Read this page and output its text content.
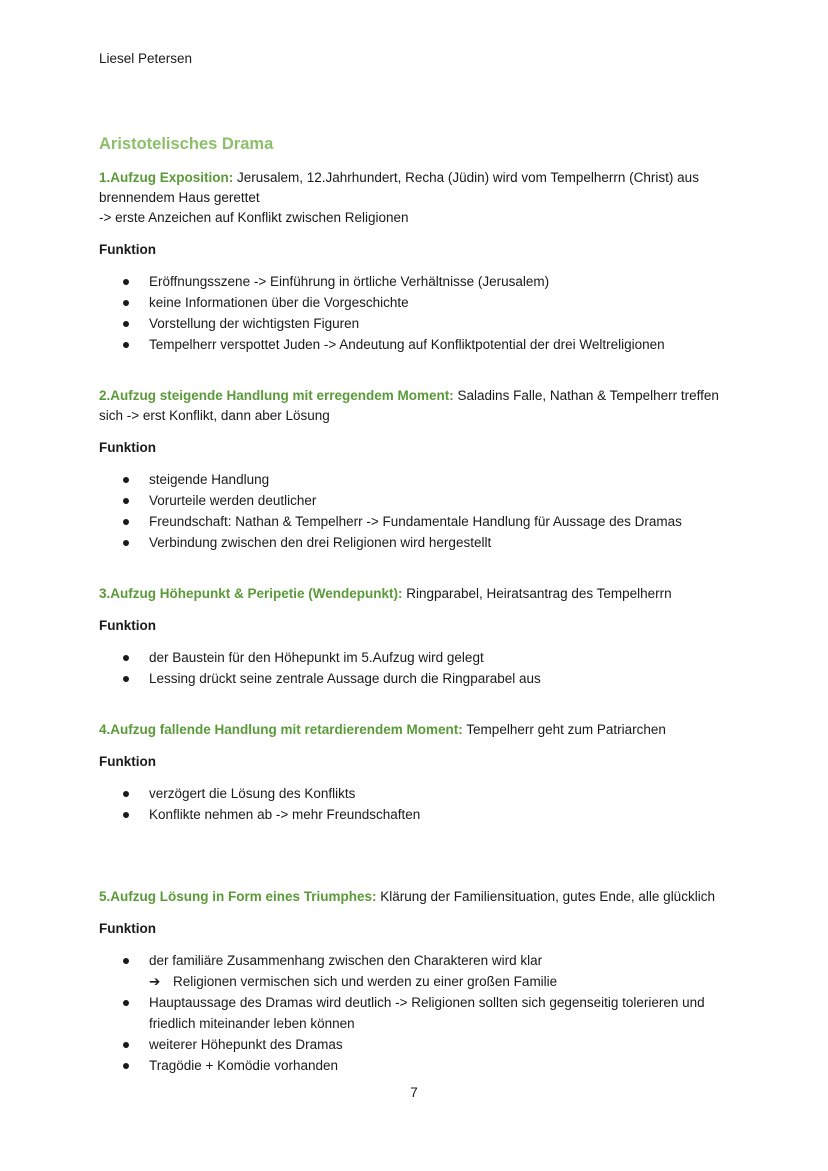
Liesel Petersen
Aristotelisches Drama

1.Aufzug Exposition: Jerusalem, 12.Jahrhundert, Recha (Jüdin) wird vom Tempelherrn (Christ) aus brennendem Haus gerettet

-> erste Anzeichen auf Konflikt zwischen Religionen

Funktion

Eröffnungsszene -> Einführung in örtliche Verhältnisse (Jerusalem)
keine Informationen über die Vorgeschichte
Vorstellung der wichtigsten Figuren
Tempelherr verspottet Juden -> Andeutung auf Konfliktpotential der drei Weltreligionen

2.Aufzug steigende Handlung mit erregendem Moment: Saladins Falle, Nathan & Tempelherr treffen sich -> erst Konflikt, dann aber Lösung

Funktion

steigende Handlung
Vorurteile werden deutlicher
Freundschaft: Nathan & Tempelherr -> Fundamentale Handlung für Aussage des Dramas
Verbindung zwischen den drei Religionen wird hergestellt

3.Aufzug Höhepunkt & Peripetie (Wendepunkt): Ringparabel, Heiratsantrag des Tempelherrn

Funktion

der Baustein für den Höhepunkt im 5.Aufzug wird gelegt
Lessing drückt seine zentrale Aussage durch die Ringparabel aus

4.Aufzug fallende Handlung mit retardierendem Moment: Tempelherr geht zum Patriarchen

Funktion

verzögert die Lösung des Konflikts
Konflikte nehmen ab -> mehr Freundschaften

5.Aufzug Lösung in Form eines Triumphes: Klärung der Familiensituation, gutes Ende, alle glücklich

Funktion

der familiäre Zusammenhang zwischen den Charakteren wird klar
➔ Religionen vermischen sich und werden zu einer großen Familie
Hauptaussage des Dramas wird deutlich -> Religionen sollten sich gegenseitig tolerieren und friedlich miteinander leben können
weiterer Höhepunkt des Dramas
Tragödie + Komödie vorhanden
7
